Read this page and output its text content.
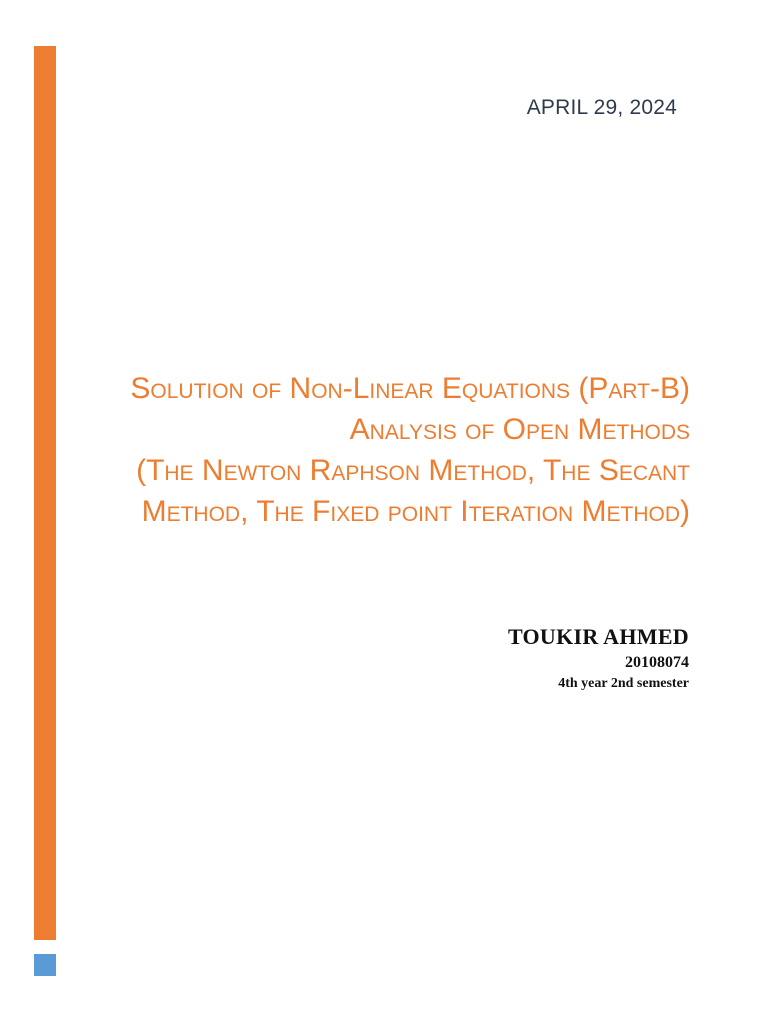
APRIL 29, 2024
Solution of Non-Linear Equations (Part-B)
Analysis of Open Methods
(The Newton Raphson Method, The Secant
Method, The Fixed point Iteration Method)
TOUKIR AHMED
20108074
4th year 2nd semester
